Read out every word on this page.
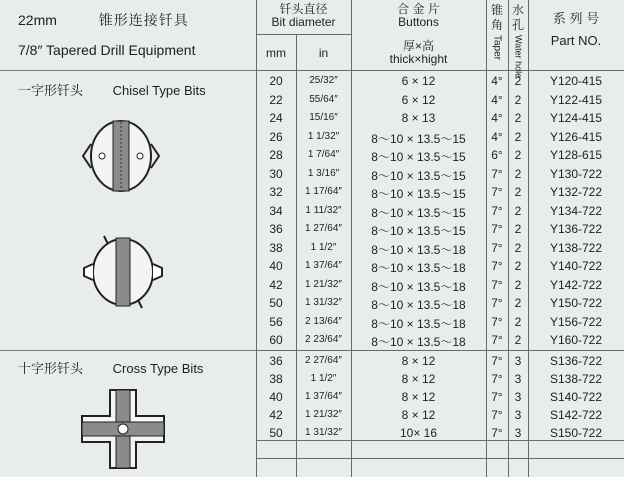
22mm	锥形连接钎具
7/8″ Tapered Drill Equipment
一字形钎头 Chisel Type Bits
十字形钎头 Cross Type Bits
钎头直径
Bit diameter
mm	in
合 金 片
Buttons
厚×高
thick×hight
锥角
Taper
水孔
Water hole
系 列 号
Part NO.
20	25/32″	6 × 12	4° 2	Y120-415
22	55/64″	6 × 12	4° 2	Y122-415
24	15/16″	8 × 13	4° 2	Y124-415
26	1 1/32″	8～10 × 13.5～15	4° 2	Y126-415
28	1 7/64″	8～10 × 13.5～15	6° 2	Y128-615
30	1 3/16″	8～10 × 13.5～15	7° 2	Y130-722
32	1 17/64″	8～10 × 13.5～15	7° 2	Y132-722
34	1 11/32″	8～10 × 13.5～15	7° 2	Y134-722
36	1 27/64″	8～10 × 13.5～15	7° 2	Y136-722
38	1 1/2″	8～10 × 13.5～18	7° 2	Y138-722
40	1 37/64″	8～10 × 13.5～18	7° 2	Y140-722
42	1 21/32″	8～10 × 13.5～18	7° 2	Y142-722
50	1 31/32″	8～10 × 13.5～18	7° 2	Y150-722
56	2 13/64″	8～10 × 13.5～18	7° 2	Y156-722
60	2 23/64″	8～10 × 13.5～18	7° 2	Y160-722
36	2 27/64″	8 × 12	7° 3	S136-722
38	1 1/2″	8 × 12	7° 3	S138-722
40	1 37/64″	8 × 12	7° 3	S140-722
42	1 21/32″	8 × 12	7° 3	S142-722
50	1 31/32″	10× 16	7° 3	S150-722
